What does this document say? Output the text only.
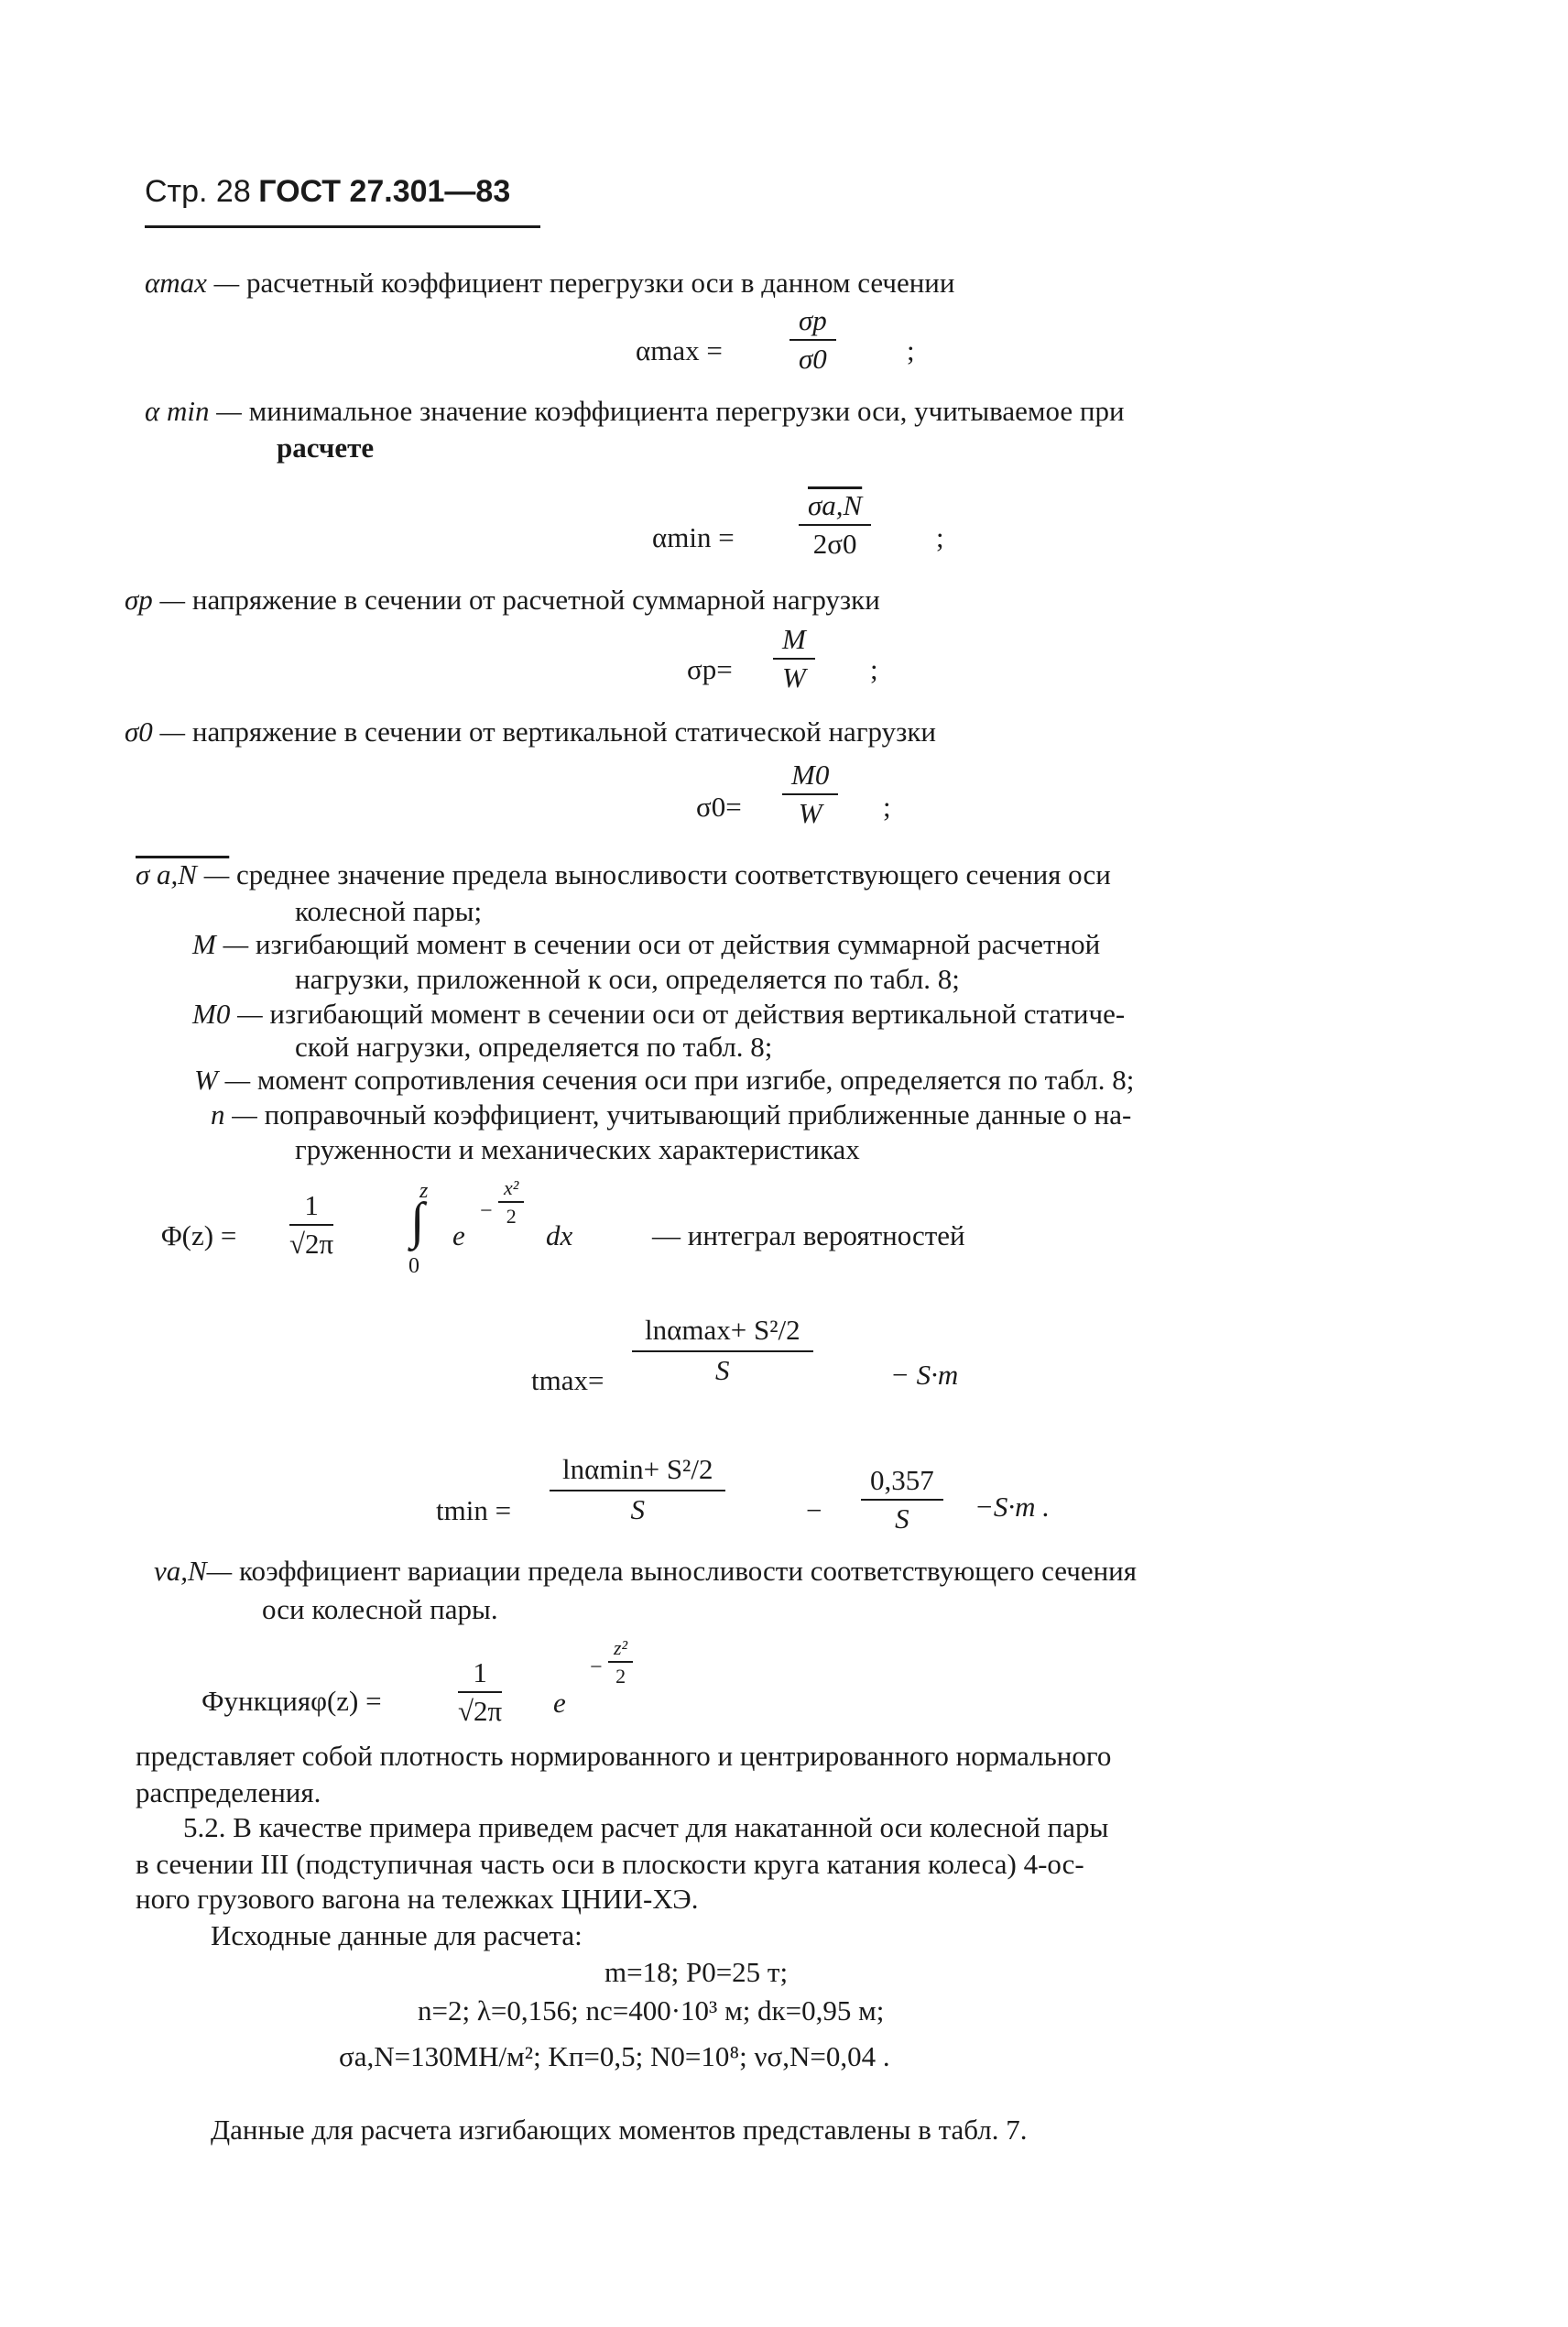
Стр. 28 ГОСТ 27.301—83
αmax — расчетный коэффициент перегрузки оси в данном сечении
$\alpha\max = \frac{\sigma p}{\sigma 0}$ ;
α min — минимальное значение коэффициента перегрузки оси, учитываемое при
расчете
$\alpha\min = \frac{\sigma a,N}{2\sigma 0}$ ;
σp — напряжение в сечении от расчетной суммарной нагрузки
$\sigma p= \frac{M}{W}$ ;
σ0 — напряжение в сечении от вертикальной статической нагрузки
$\sigma 0= \frac{M0}{W}$ ;
σ a,N — среднее значение предела выносливости соответствующего сечения оси
колесной пары;
M — изгибающий момент в сечении оси от действия суммарной расчетной
нагрузки, приложенной к оси, определяется по табл. 8;
M0 — изгибающий момент в сечении оси от действия вертикальной статиче-
ской нагрузки, определяется по табл. 8;
W — момент сопротивления сечения оси при изгибе, определяется по табл. 8;
n — поправочный коэффициент, учитывающий приближенные данные о на-
груженности и механических характеристиках
$\Phi(z) = \frac{1}{√2\pi}$	z
∫
0
e
− $\frac{\text{x²}}{2}$
dx	— интеграл вероятностей
tmax=
lnαmax+ S²/2
S	− S·m
tmin =
lnαmin+ S²/2
S	− $\frac{0,357}{S} -S\cdot m$ .
νa,N— коэффициент вариации предела выносливости соответствующего сечения
оси колесной пары.
Функцияφ(z) =	$\frac{1}{√2\pi}$ e
− $\frac{\text{z²}}{2}$
представляет собой плотность нормированного и центрированного нормального
распределения.
5.2. В качестве примера приведем расчет для накатанной оси колесной пары
в сечении III (подступичная часть оси в плоскости круга катания колеса) 4-ос-
ного грузового вагона на тележках ЦНИИ-ХЭ.
Исходные данные для расчета:
m=18; P0=25 т;
n=2; λ=0,156; nc=400·10³ м; dк=0,95 м;
σa,N=130МН/м²; Kп=0,5; N0=10⁸; νσ,N=0,04 .
Данные для расчета изгибающих моментов представлены в табл. 7.
